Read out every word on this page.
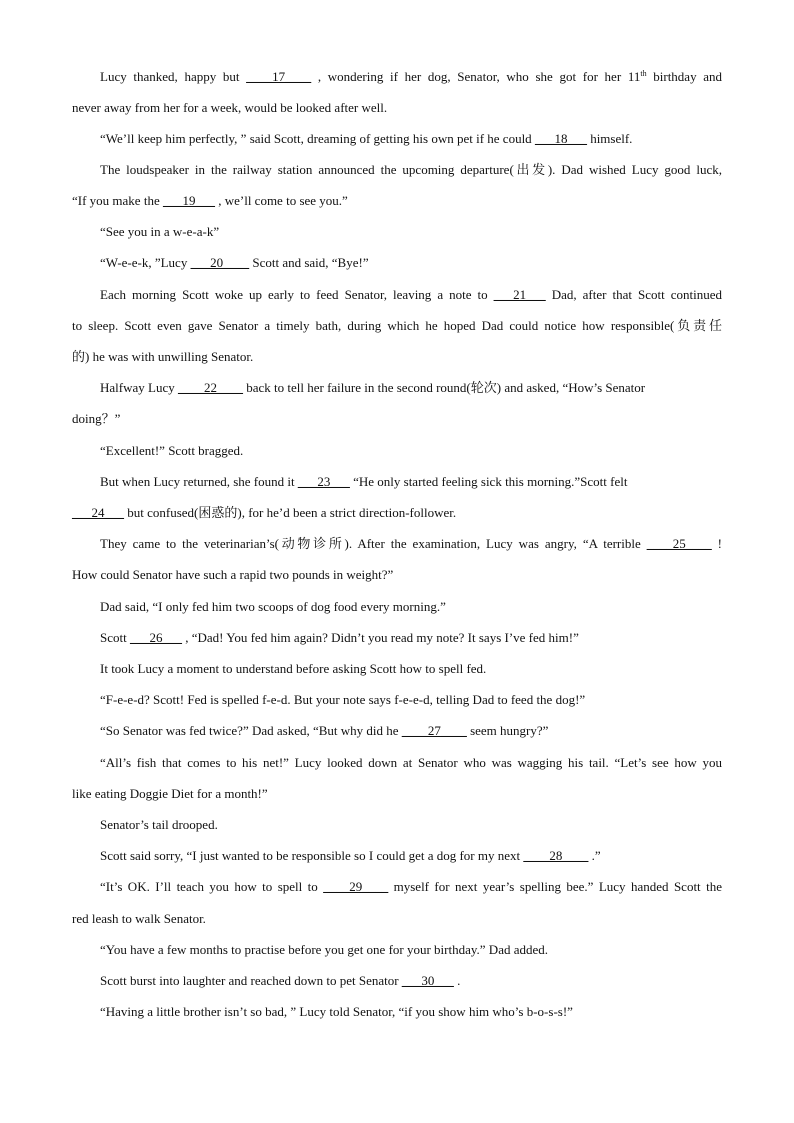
Lucy thanked, happy but ____17____ , wondering if her dog, Senator, who she got for her 11th birthday and
never away from her for a week, would be looked after well.
“We’ll keep him perfectly, ” said Scott, dreaming of getting his own pet if he could ___18___ himself.
The loudspeaker in the railway station announced the upcoming departure(出发). Dad wished Lucy good luck,
“If you make the ___19___ , we’ll come to see you.”
“See you in a w-e-a-k”
“W-e-e-k, ”Lucy ___20____ Scott and said, “Bye!”
Each morning Scott woke up early to feed Senator, leaving a note to ___21___ Dad, after that Scott continued
to sleep. Scott even gave Senator a timely bath, during which he hoped Dad could notice how responsible(负责任
的) he was with unwilling Senator.
Halfway Lucy ____22____ back to tell her failure in the second round(轮次) and asked, “How’s Senator
doing？”
“Excellent!” Scott bragged.
But when Lucy returned, she found it ___23___ “He only started feeling sick this morning.”Scott felt
___24___ but confused(困惑的), for he’d been a strict direction-follower.
They came to the veterinarian’s(动物诊所). After the examination, Lucy was angry, “A terrible ____25____ !
How could Senator have such a rapid two pounds in weight?”
Dad said, “I only fed him two scoops of dog food every morning.”
Scott ___26___ , “Dad! You fed him again? Didn’t you read my note? It says I’ve fed him!”
It took Lucy a moment to understand before asking Scott how to spell fed.
“F-e-e-d? Scott! Fed is spelled f-e-d. But your note says f-e-e-d, telling Dad to feed the dog!”
“So Senator was fed twice?” Dad asked, “But why did he ____27____ seem hungry?”
“All’s fish that comes to his net!” Lucy looked down at Senator who was wagging his tail. “Let’s see how you
like eating Doggie Diet for a month!”
Senator’s tail drooped.
Scott said sorry, “I just wanted to be responsible so I could get a dog for my next ____28____ .”
“It’s OK. I’ll teach you how to spell to ____29____ myself for next year’s spelling bee.” Lucy handed Scott the
red leash to walk Senator.
“You have a few months to practise before you get one for your birthday.” Dad added.
Scott burst into laughter and reached down to pet Senator ___30___ .
“Having a little brother isn’t so bad, ” Lucy told Senator, “if you show him who’s b-o-s-s!”
